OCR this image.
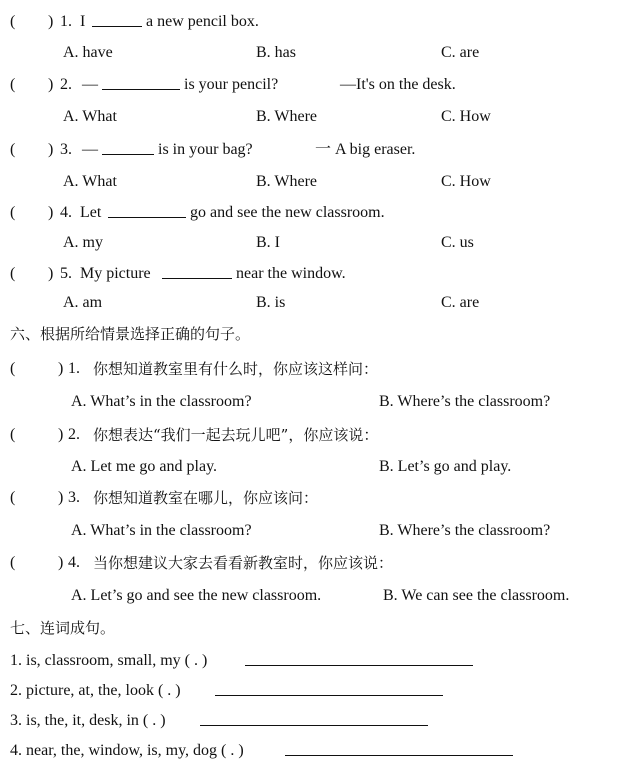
( ) 1. I	a new pencil box.
A. have	B. has	C. are
( ) 2. —	is your pencil?	—It's on the desk.
A. What	B. Where	C. How
( ) 3. —	is in your bag?	一 A big eraser.
A. What	B. Where	C. How
( ) 4. Let	go and see the new classroom.
A. my	B. I	C. us
( ) 5. My picture	near the window.
A. am	B. is	C. are
六、根据所给情景选择正确的句子。
(	) 1. 你想知道教室里有什么时，你应该这样问：
A. What’s in the classroom?	B. Where’s the classroom?
(	) 2. 你想表达“我们一起去玩儿吧”，你应该说：
A. Let me go and play.	B. Let’s go and play.
(	) 3. 你想知道教室在哪儿，你应该问：
A. What’s in the classroom?	B. Where’s the classroom?
(	) 4. 当你想建议大家去看看新教室时，你应该说：
A. Let’s go and see the new classroom.	B. We can see the classroom.
七、连词成句。
1. is, classroom, small, my ( . )
2. picture, at, the, look ( . )
3. is, the, it, desk, in ( . )
4. near, the, window, is, my, dog ( . )
